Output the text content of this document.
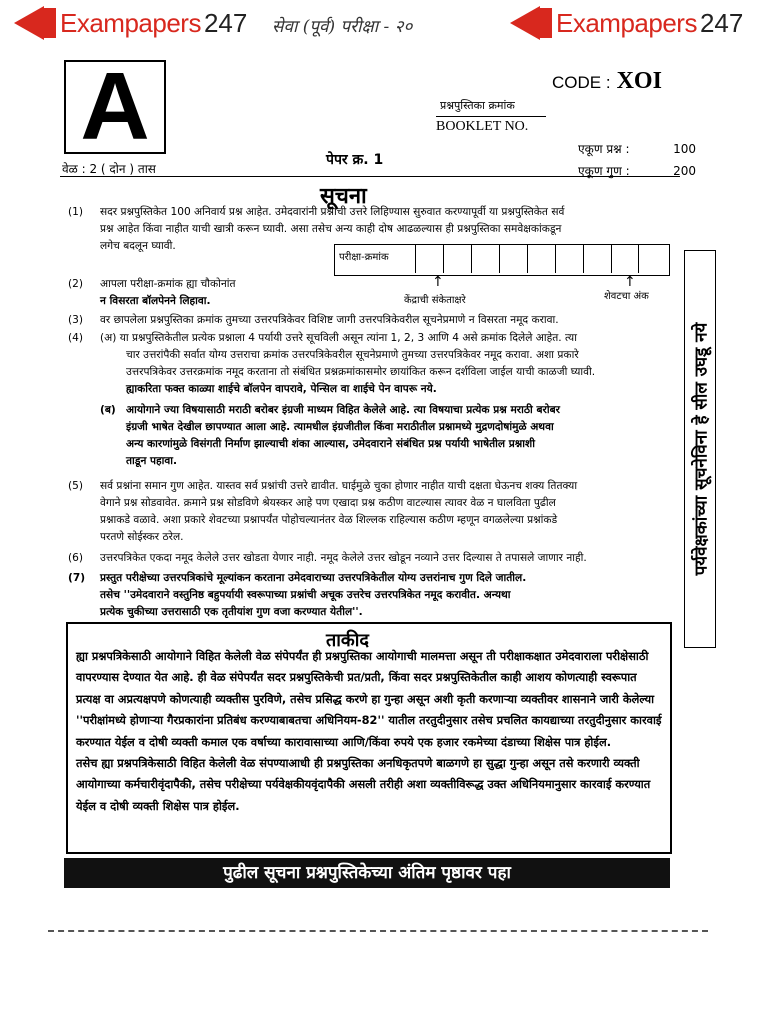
Exampapers 247 सेवा (पूर्व) परीक्षा - २०	Exampapers 247
A	CODE : XOI
प्रश्नपुस्तिका क्रमांक
BOOKLET NO.
एकूण प्रश्न :	100
एकूण गुण :	200
पेपर क्र. 1
वेळ : 2 ( दोन ) तास
सूचना
(1) सदर प्रश्नपुस्तिकेत 100 अनिवार्य प्रश्न आहेत. उमेदवारांनी प्रश्नांची उत्तरे लिहिण्यास सुरुवात करण्यापूर्वी या प्रश्नपुस्तिकेत सर्व
प्रश्न आहेत किंवा नाहीत याची खात्री करून घ्यावी. असा तसेच अन्य काही दोष आढळल्यास ही प्रश्नपुस्तिका समवेक्षकांकडून
लगेच बदलून घ्यावी.
परीक्षा-क्रमांक
↑	↑
केंद्राची संकेताक्षरे	शेवटचा अंक
(2) आपला परीक्षा-क्रमांक ह्या चौकोनांत
न विसरता बॉलपेनने लिहावा.
(3) वर छापलेला प्रश्नपुस्तिका क्रमांक तुमच्या उत्तरपत्रिकेवर विशिष्ट जागी उत्तरपत्रिकेवरील सूचनेप्रमाणे न विसरता नमूद करावा.
(4) (अ) या प्रश्नपुस्तिकेतील प्रत्येक प्रश्नाला 4 पर्यायी उत्तरे सूचविली असून त्यांना 1, 2, 3 आणि 4 असे क्रमांक दिलेले आहेत. त्या
चार उत्तरांपैकी सर्वात योग्य उत्तराचा क्रमांक उत्तरपत्रिकेवरील सूचनेप्रमाणे तुमच्या उत्तरपत्रिकेवर नमूद करावा. अशा प्रकारे
उत्तरपत्रिकेवर उत्तरक्रमांक नमूद करताना तो संबंधित प्रश्नक्रमांकासमोर छायांकित करून दर्शविला जाईल याची काळजी घ्यावी.
ह्याकरिता फक्त काळ्या शाईचे बॉलपेन वापरावे, पेन्सिल वा शाईचे पेन वापरू नये.
(ब) आयोगाने ज्या विषयासाठी मराठी बरोबर इंग्रजी माध्यम विहित केलेले आहे. त्या विषयाचा प्रत्येक प्रश्न मराठी बरोबर
इंग्रजी भाषेत देखील छापण्यात आला आहे. त्यामधील इंग्रजीतील किंवा मराठीतील प्रश्नामध्ये मुद्रणदोषांमुळे अथवा
अन्य कारणांमुळे विसंगती निर्माण झाल्याची शंका आल्यास, उमेदवाराने संबंधित प्रश्न पर्यायी भाषेतील प्रश्नाशी
ताडून पहावा.
(5) सर्व प्रश्नांना समान गुण आहेत. यास्तव सर्व प्रश्नांची उत्तरे द्यावीत. घाईमुळे चुका होणार नाहीत याची दक्षता घेऊनच शक्य तितक्या
वेगाने प्रश्न सोडवावेत. क्रमाने प्रश्न सोडविणे श्रेयस्कर आहे पण एखादा प्रश्न कठीण वाटल्यास त्यावर वेळ न घालविता पुढील
प्रश्नाकडे वळावे. अशा प्रकारे शेवटच्या प्रश्नापर्यंत पोहोचल्यानंतर वेळ शिल्लक राहिल्यास कठीण म्हणून वगळलेल्या प्रश्नांकडे
परतणे सोईस्कर ठरेल.
(6) उत्तरपत्रिकेत एकदा नमूद केलेले उत्तर खोडता येणार नाही. नमूद केलेले उत्तर खोडून नव्याने उत्तर दिल्यास ते तपासले जाणार नाही.
(7) प्रस्तुत परीक्षेच्या उत्तरपत्रिकांचे मूल्यांकन करताना उमेदवाराच्या उत्तरपत्रिकेतील योग्य उत्तरांनाच गुण दिले जातील.
तसेच ''उमेदवाराने वस्तुनिष्ठ बहुपर्यायी स्वरूपाच्या प्रश्नांची अचूक उत्तरेच उत्तरपत्रिकेत नमूद करावीत. अन्यथा
प्रत्येक चुकीच्या उत्तरासाठी एक तृतीयांश गुण वजा करण्यात येतील''.
पर्यवेक्षकांच्या सूचनेविना हे सील उघडू नये
ताकीद
ह्या प्रश्नपत्रिकेसाठी आयोगाने विहित केलेली वेळ संपेपर्यंत ही प्रश्नपुस्तिका आयोगाची मालमत्ता असून ती परीक्षाकक्षात उमेदवाराला परीक्षेसाठी वापरण्यास देण्यात येत आहे. ही वेळ संपेपर्यंत सदर प्रश्नपुस्तिकेची प्रत/प्रती, किंवा सदर प्रश्नपुस्तिकेतील काही आशय कोणत्याही स्वरूपात प्रत्यक्ष वा अप्रत्यक्षपणे कोणत्याही व्यक्तीस पुरविणे, तसेच प्रसिद्ध करणे हा गुन्हा असून अशी कृती करणाऱ्या व्यक्तीवर शासनाने जारी केलेल्या ''परीक्षांमध्ये होणाऱ्या गैरप्रकारांना प्रतिबंध करण्याबाबतचा अधिनियम-82'' यातील तरतुदीनुसार तसेच प्रचलित कायद्याच्या तरतुदीनुसार कारवाई करण्यात येईल व दोषी व्यक्ती कमाल एक वर्षाच्या कारावासाच्या आणि/किंवा रुपये एक हजार रकमेच्या दंडाच्या शिक्षेस पात्र होईल.
तसेच ह्या प्रश्नपत्रिकेसाठी विहित केलेली वेळ संपण्याआधी ही प्रश्नपुस्तिका अनधिकृतपणे बाळगणे हा सुद्धा गुन्हा असून तसे करणारी व्यक्ती आयोगाच्या कर्मचारीवृंदापैकी, तसेच परीक्षेच्या पर्यवेक्षकीयवृंदापैकी असली तरीही अशा व्यक्तीविरूद्ध उक्त अधिनियमानुसार कारवाई करण्यात येईल व दोषी व्यक्ती शिक्षेस पात्र होईल.
पुढील सूचना प्रश्नपुस्तिकेच्या अंतिम पृष्ठावर पहा
